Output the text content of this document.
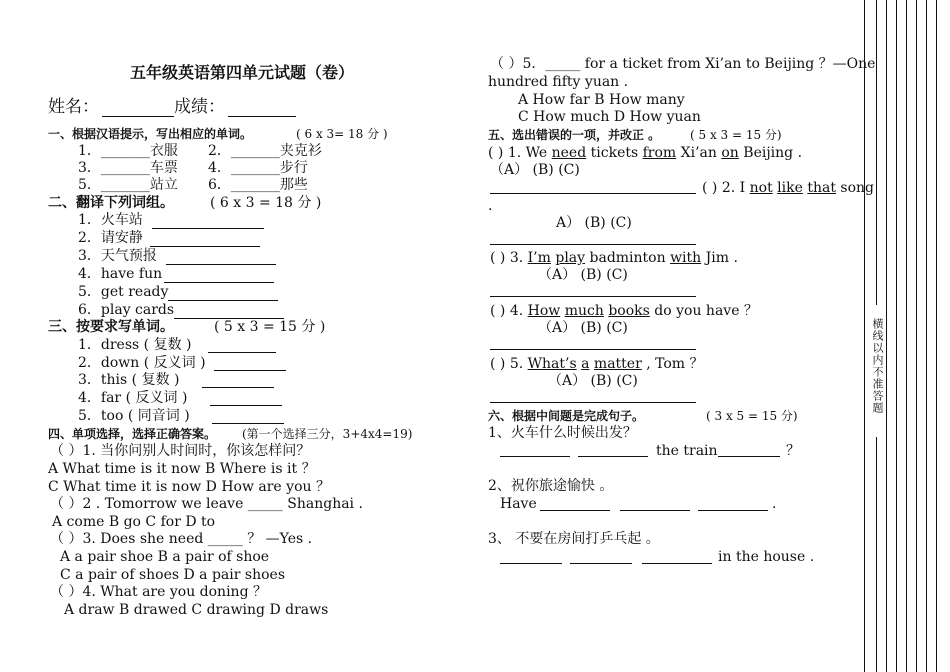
五年级英语第四单元试题（卷）
姓名：	成绩：
一、根据汉语提示，写出相应的单词。	( 6 x 3= 18 分 )
1．_______衣服 2．_______夹克衫
3．_______车票 4．_______步行
5．_______站立 6．_______那些
二、翻译下列词组。	( 6 x 3 = 18 分 )
1．火车站
2．请安静
3．天气预报
4．have fun
5．get ready
6．play cards
三、按要求写单词。	( 5 x 3 = 15 分 )
1．dress ( 复数 )
2．down ( 反义词 )
3．this ( 复数 )
4．far ( 反义词 )
5．too ( 同音词 )
四、单项选择，选择正确答案。 (第一个选择三分，3+4x4=19)
（ ）1. 当你问别人时间时，你该怎样问？
A What time is it now B Where is it ？
C What time it is now D How are you ？
（ ）2 . Tomorrow we leave _____ Shanghai .
A come B go C for D to
（ ）3. Does she need _____ ？ —Yes .
A a pair shoe B a pair of shoe
C a pair of shoes D a pair shoes
（ ）4. What are you doning ？
A draw B drawed C drawing D draws
（ ）5．_____ for a ticket from Xi’an to Beijing ？—One
hundred fifty yuan .
A How far B How many
C How much D How yuan
五、选出错误的一项，并改正 。 ( 5 x 3 = 15 分)
( ) 1. We need tickets from Xi’an on Beijing .
（A） (B) (C)
( ) 2. I not like that song
.
A） (B) (C)
( ) 3. I’m play badminton with Jim .
（A） (B) (C)
( ) 4. How much books do you have ？
（A） (B) (C)
( ) 5. What’s a matter , Tom ？
（A） (B) (C)
六、根据中间题是完成句子。	( 3 x 5 = 15 分)
1、火车什么时候出发？
the train	？
2、祝你旅途愉快 。
Have	.
3、 不要在房间打乒乓起 。
in the house .
横线以内不准答题
